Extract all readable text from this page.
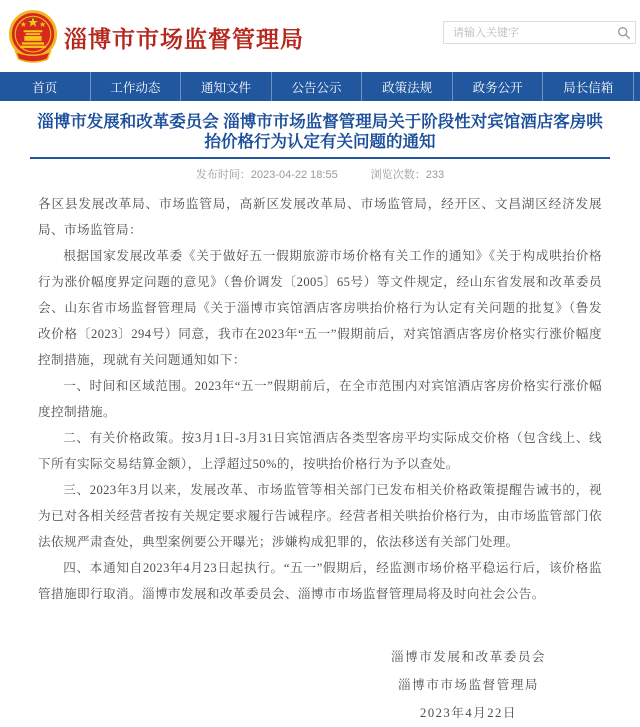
淄博市市场监督管理局
请输入关键字
首页	工作动态	通知文件	公告公示	政策法规	政务公开	局长信箱
淄博市发展和改革委员会 淄博市市场监督管理局关于阶段性对宾馆酒店客房哄抬价格行为认定有关问题的通知
发布时间：2023-04-22 18:55	浏览次数：233

各区县发展改革局、市场监管局，高新区发展改革局、市场监管局，经开区、文昌湖区经济发展局、市场监管局：

根据国家发展改革委《关于做好五一假期旅游市场价格有关工作的通知》《关于构成哄抬价格行为涨价幅度界定问题的意见》（鲁价调发〔2005〕65号）等文件规定，经山东省发展和改革委员会、山东省市场监督管理局《关于淄博市宾馆酒店客房哄抬价格行为认定有关问题的批复》（鲁发改价格〔2023〕294号）同意，我市在2023年“五一”假期前后，对宾馆酒店客房价格实行涨价幅度控制措施，现就有关问题通知如下：

一、时间和区域范围。2023年“五一”假期前后，在全市范围内对宾馆酒店客房价格实行涨价幅度控制措施。

二、有关价格政策。按3月1日-3月31日宾馆酒店各类型客房平均实际成交价格（包含线上、线下所有实际交易结算金额），上浮超过50%的，按哄抬价格行为予以查处。

三、2023年3月以来，发展改革、市场监管等相关部门已发布相关价格政策提醒告诫书的，视为已对各相关经营者按有关规定要求履行告诫程序。经营者相关哄抬价格行为，由市场监管部门依法依规严肃查处，典型案例要公开曝光；涉嫌构成犯罪的，依法移送有关部门处理。

四、本通知自2023年4月23日起执行。“五一”假期后，经监测市场价格平稳运行后，该价格监管措施即行取消。淄博市发展和改革委员会、淄博市市场监督管理局将及时向社会公告。

淄博市发展和改革委员会
淄博市市场监督管理局
2023年4月22日
